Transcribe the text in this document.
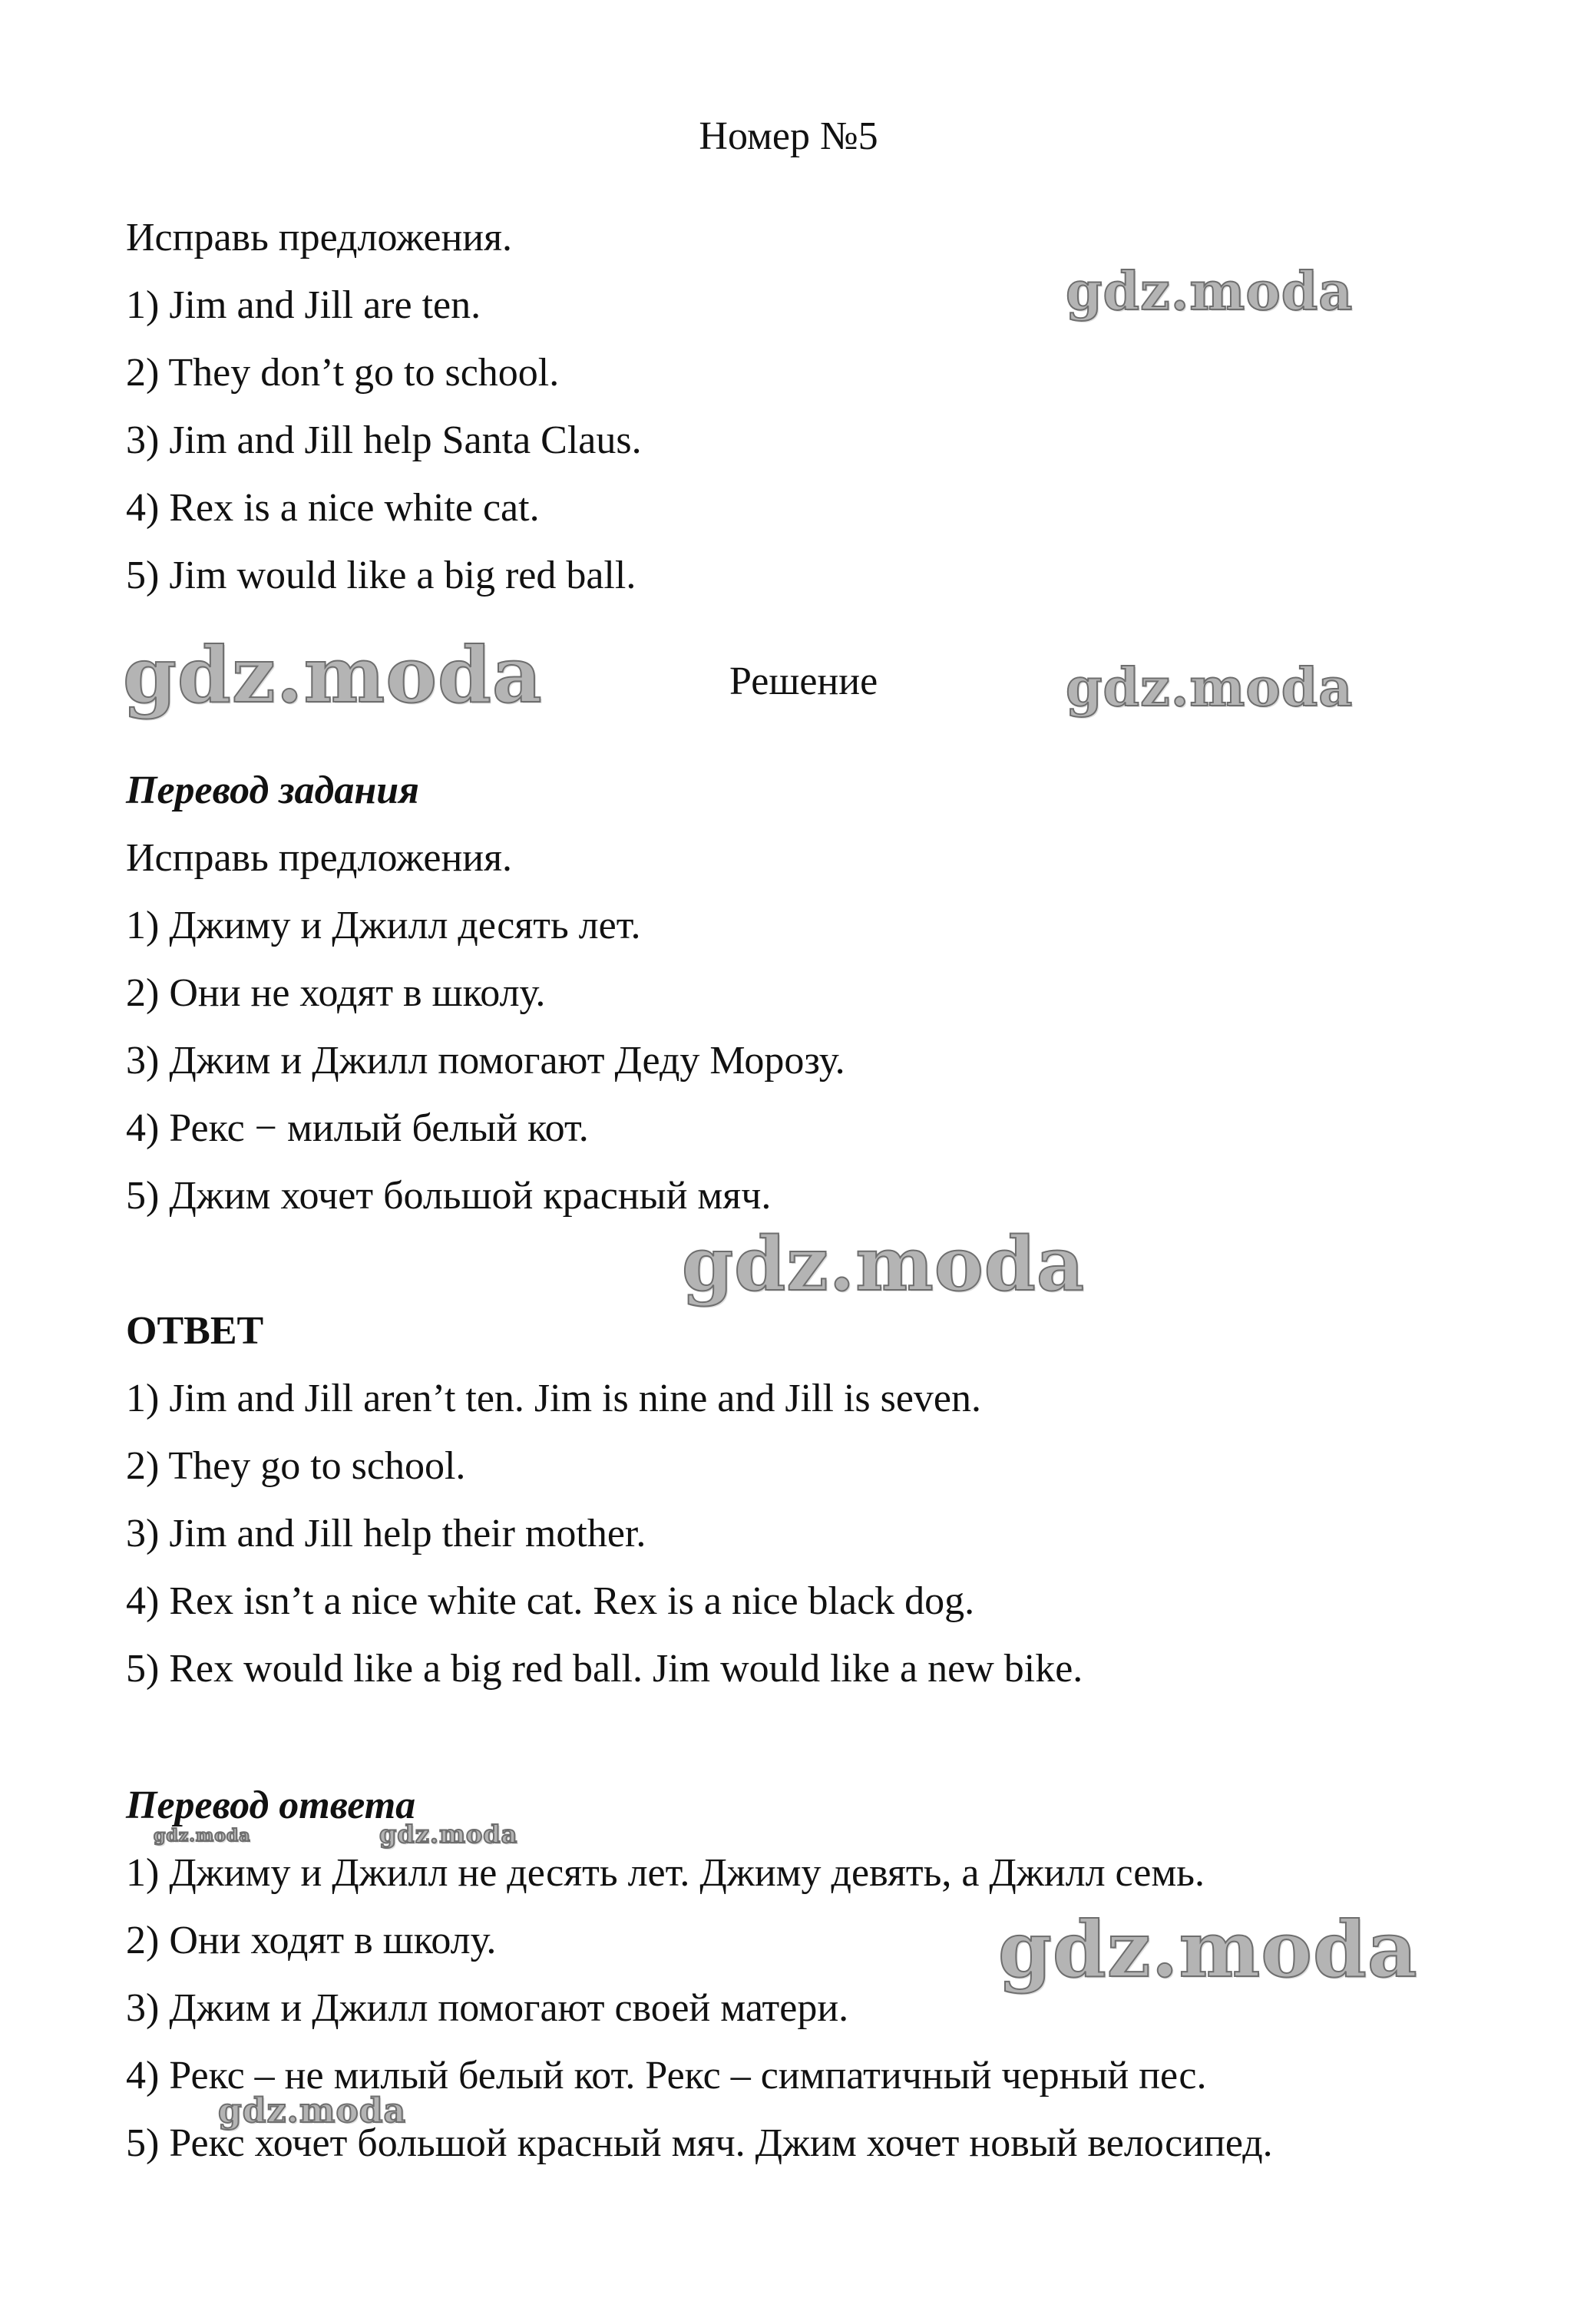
Номер №5
Исправь предложения.
1) Jim and Jill are ten.
2) They don’t go to school.
3) Jim and Jill help Santa Claus.
4) Rex is a nice white cat.
5) Jim would like a big red ball.
Решение
Перевод задания
Исправь предложения.
1) Джиму и Джилл десять лет.
2) Они не ходят в школу.
3) Джим и Джилл помогают Деду Морозу.
4) Рекс − милый белый кот.
5) Джим хочет большой красный мяч.
ОТВЕТ
1) Jim and Jill aren’t ten. Jim is nine and Jill is seven.
2) They go to school.
3) Jim and Jill help their mother.
4) Rex isn’t a nice white cat. Rex is a nice black dog.
5) Rex would like a big red ball. Jim would like a new bike.
Перевод ответа
1) Джиму и Джилл не десять лет. Джиму девять, а Джилл семь.
2) Они ходят в школу.
3) Джим и Джилл помогают своей матери.
4) Рекс – не милый белый кот. Рекс – симпатичный черный пес.
5) Рекс хочет большой красный мяч. Джим хочет новый велосипед.
gdz.moda
gdz.moda	gdz.moda
gdz.moda
gdz.moda	gdz.moda
gdz.moda
gdz.moda
